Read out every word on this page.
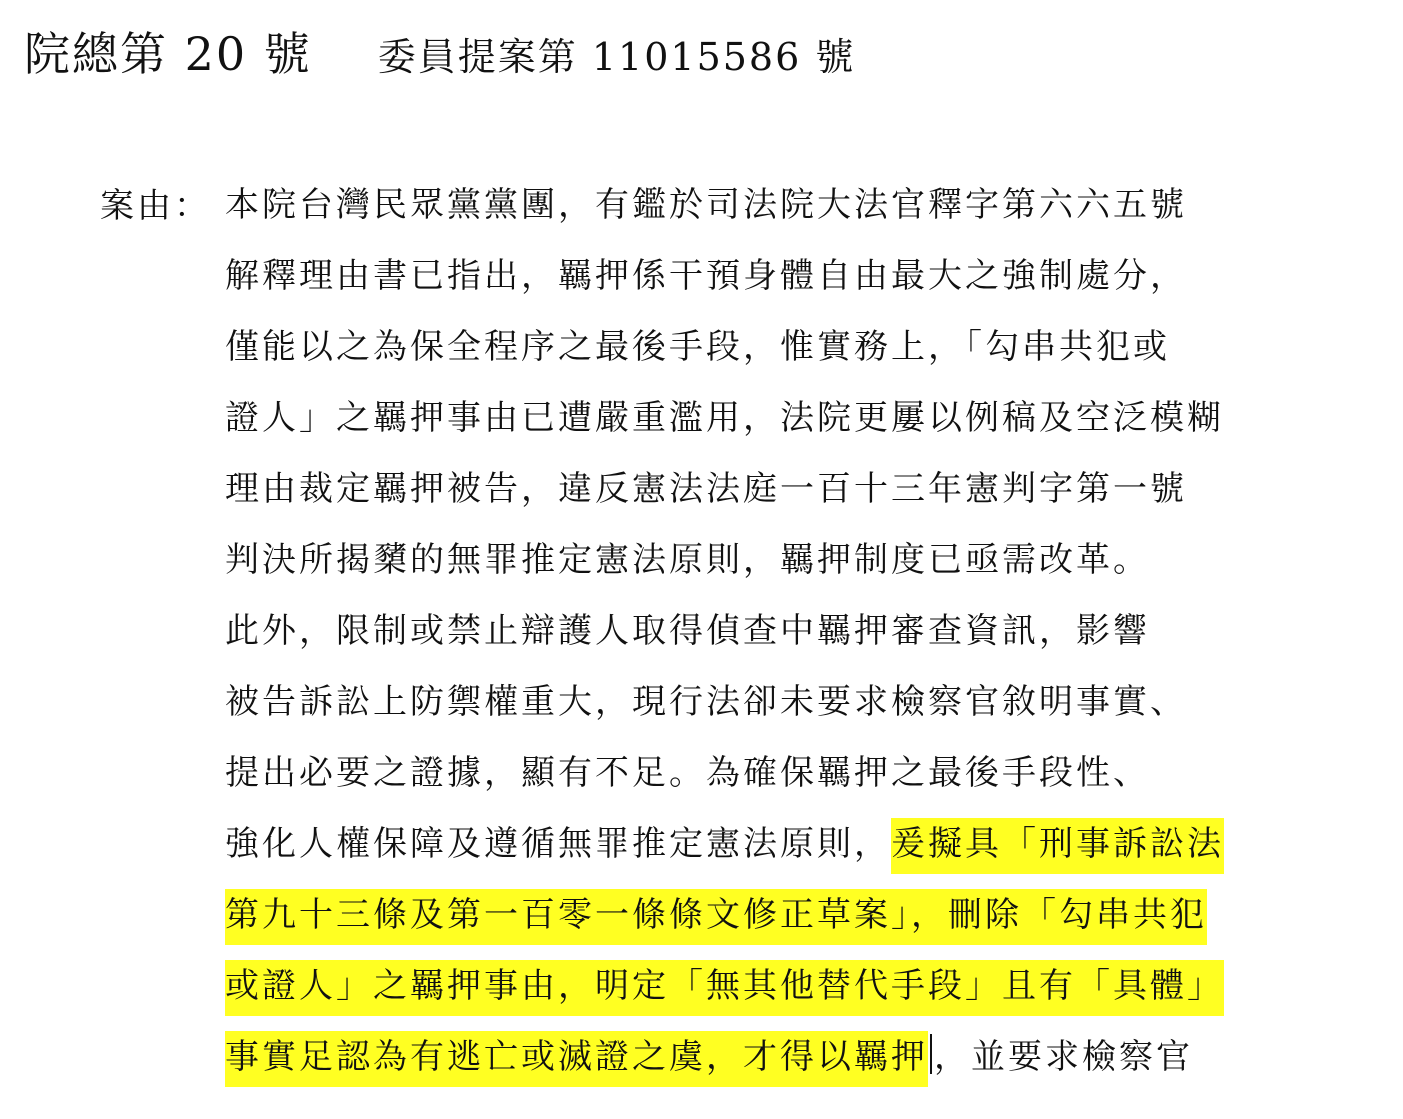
院總第 20 號 委員提案第 11015586 號
案由： 本院台灣民眾黨黨團，有鑑於司法院大法官釋字第六六五號
解釋理由書已指出，羈押係干預身體自由最大之強制處分，
僅能以之為保全程序之最後手段，惟實務上，「勾串共犯或
證人」之羈押事由已遭嚴重濫用，法院更屢以例稿及空泛模糊
理由裁定羈押被告，違反憲法法庭一百十三年憲判字第一號
判決所揭櫫的無罪推定憲法原則，羈押制度已亟需改革。
此外，限制或禁止辯護人取得偵查中羈押審查資訊，影響
被告訴訟上防禦權重大，現行法卻未要求檢察官敘明事實、
提出必要之證據，顯有不足。為確保羈押之最後手段性、
強化人權保障及遵循無罪推定憲法原則，爰擬具「刑事訴訟法
第九十三條及第一百零一條條文修正草案」，刪除「勾串共犯
或證人」之羈押事由，明定「無其他替代手段」且有「具體」
事實足認為有逃亡或滅證之虞，才得以羈押 ，並要求檢察官
